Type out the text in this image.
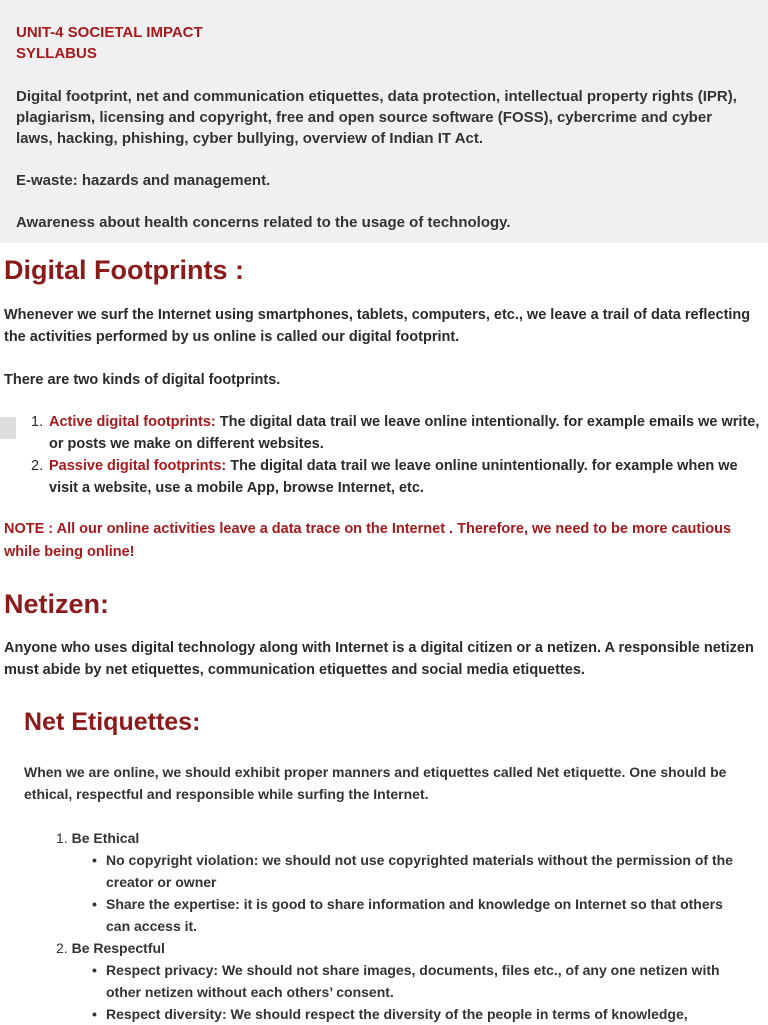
UNIT-4 SOCIETAL IMPACT
SYLLABUS
Digital footprint, net and communication etiquettes, data protection, intellectual property rights (IPR), plagiarism, licensing and copyright, free and open source software (FOSS), cybercrime and cyber laws, hacking, phishing, cyber bullying, overview of Indian IT Act.
E-waste: hazards and management.
Awareness about health concerns related to the usage of technology.
Digital Footprints :
Whenever we surf the Internet using smartphones, tablets, computers, etc., we leave a trail of data reflecting the activities performed by us online is called our digital footprint.
There are two kinds of digital footprints.
1. Active digital footprints: The digital data trail we leave online intentionally. for example emails we write, or posts we make on different websites.
2. Passive digital footprints: The digital data trail we leave online unintentionally. for example when we visit a website, use a mobile App, browse Internet, etc.
NOTE : All our online activities leave a data trace on the Internet . Therefore, we need to be more cautious while being online!
Netizen:
Anyone who uses digital technology along with Internet is a digital citizen or a netizen. A responsible netizen must abide by net etiquettes, communication etiquettes and social media etiquettes.
Net Etiquettes:
When we are online, we should exhibit proper manners and etiquettes called Net etiquette. One should be ethical, respectful and responsible while surfing the Internet.
1. Be Ethical
• No copyright violation: we should not use copyrighted materials without the permission of the creator or owner
• Share the expertise: it is good to share information and knowledge on Internet so that others can access it.
2. Be Respectful
• Respect privacy: We should not share images, documents, files etc., of any one netizen with other netizen without each others’ consent.
• Respect diversity: We should respect the diversity of the people in terms of knowledge,
